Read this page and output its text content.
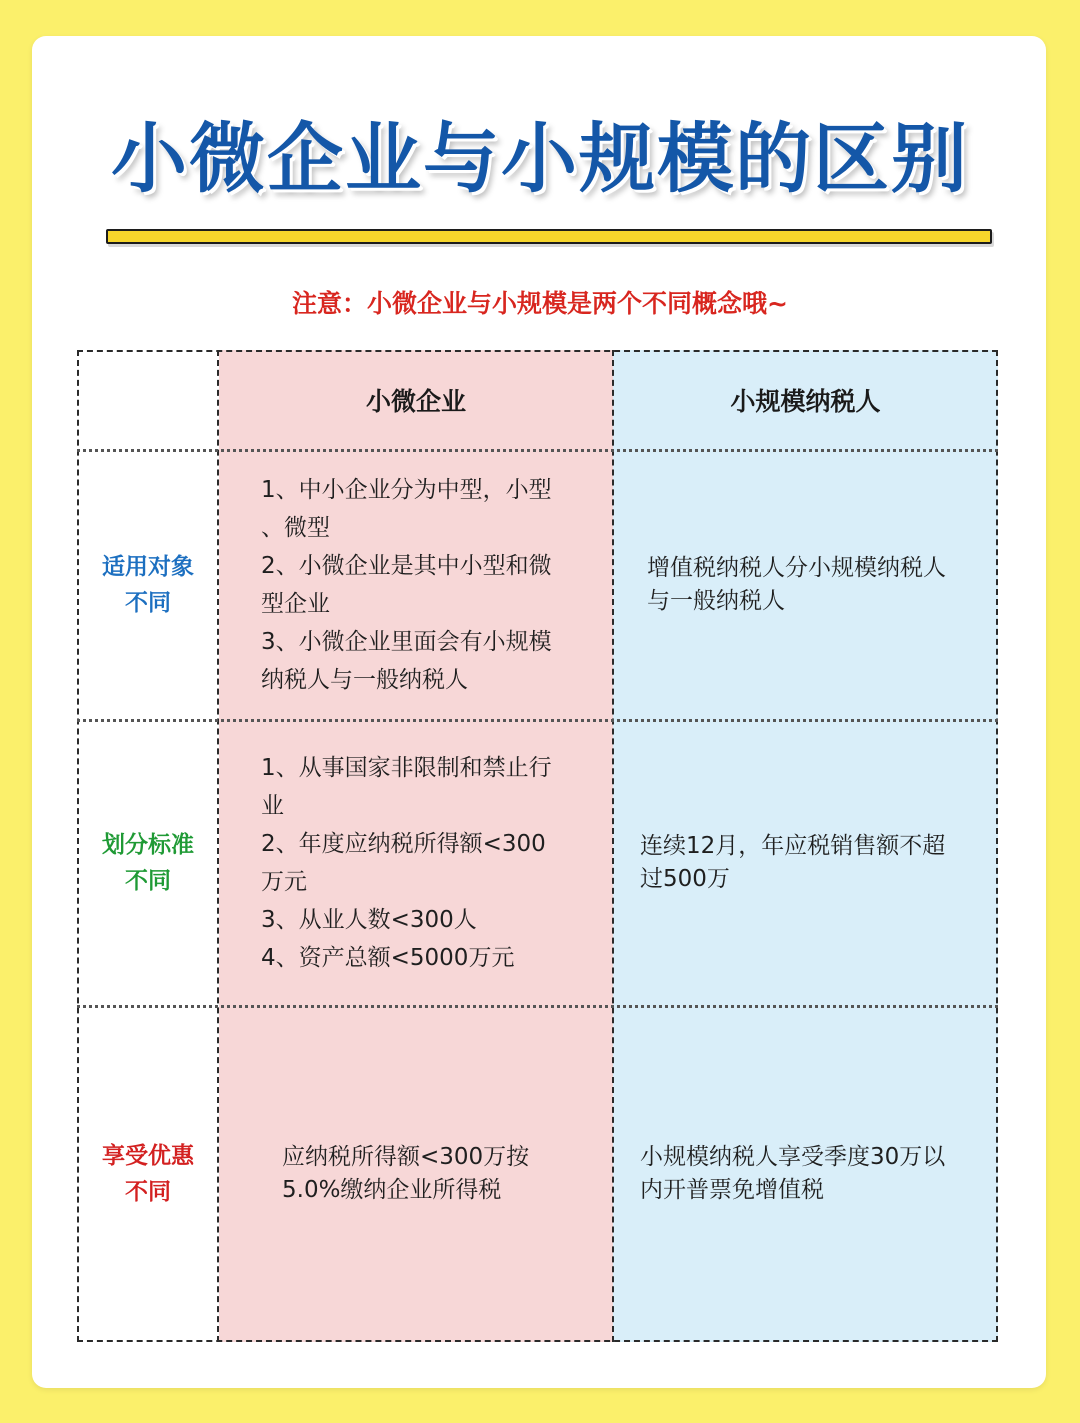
小微企业与小规模的区别
注意：小微企业与小规模是两个不同概念哦~
小微企业	小规模纳税人
适用对象
不同
1、中小企业分为中型，小型
、微型
2、小微企业是其中小型和微
型企业
3、小微企业里面会有小规模
纳税人与一般纳税人
增值税纳税人分小规模纳税人
与一般纳税人
划分标准
不同
1、从事国家非限制和禁止行
业
2、年度应纳税所得额<300
万元
3、从业人数<300人
4、资产总额<5000万元
连续12月，年应税销售额不超
过500万
享受优惠
不同
应纳税所得额<300万按
5.0%缴纳企业所得税
小规模纳税人享受季度30万以
内开普票免增值税
